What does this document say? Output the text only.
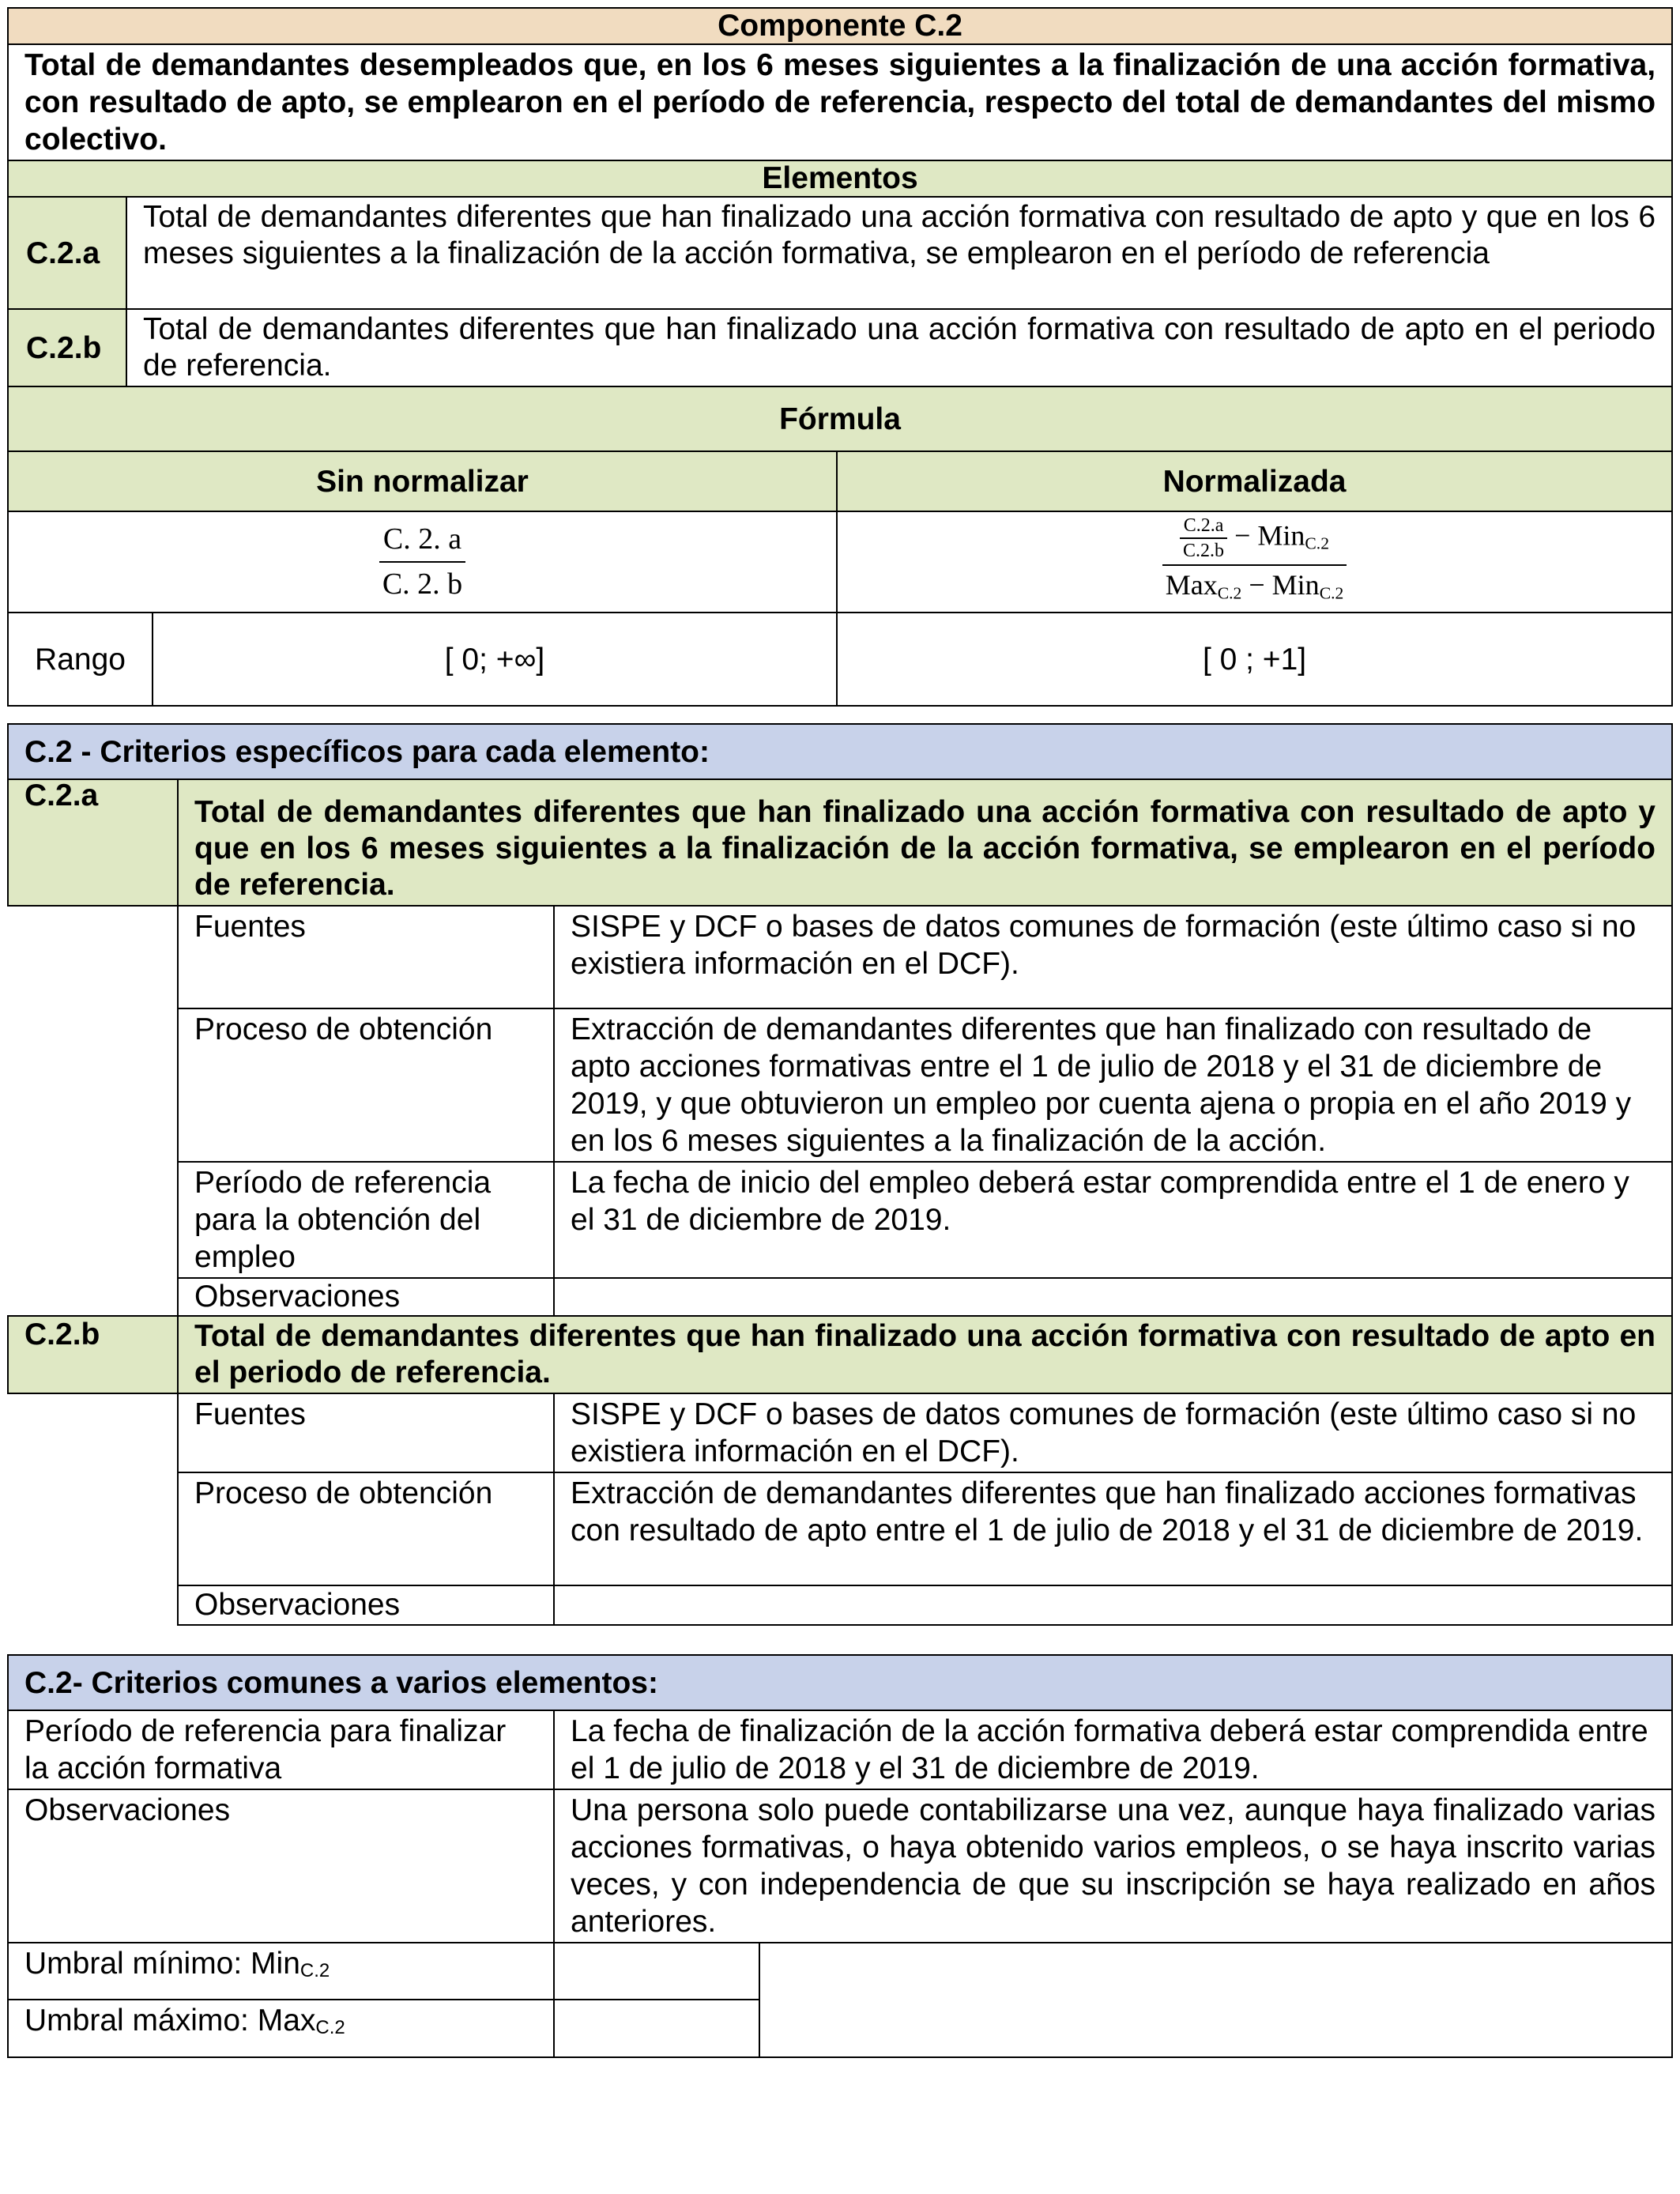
Componente C.2			
Total de demandantes desempleados que, en los 6 meses siguientes a la finalización de una acción formativa, con resultado de apto, se emplearon en el período de referencia, respecto del total de demandantes del mismo colectivo.			
Elementos			
C.2.a	Total de demandantes diferentes que han finalizado una acción formativa con resultado de apto y que en los 6 meses siguientes a la finalización de la acción formativa, se emplearon en el período de referencia		
C.2.b	Total de demandantes diferentes que han finalizado una acción formativa con resultado de apto en el periodo de referencia.		
Fórmula			
Sin normalizar			Normalizada

$\frac{C. 2. a}{C. 2. b}$			$\frac{\frac{C.2.a}{C.2.b} - Min_{C.2}}{Max_{C.2} - Min_{C.2}}$

Rango		[ 0; +∞]	[ 0 ; +1]
C.2 - Criterios específicos para cada elemento:		
C.2.a	Total de demandantes diferentes que han finalizado una acción formativa con resultado de apto y que en los 6 meses siguientes a la finalización de la acción formativa, se emplearon en el período de referencia.	
	Fuentes	SISPE y DCF o bases de datos comunes de formación (este último caso si no existiera información en el DCF).
	Proceso de obtención	Extracción de demandantes diferentes que han finalizado con resultado de apto acciones formativas entre el 1 de julio de 2018 y el 31 de diciembre de 2019, y que obtuvieron un empleo por cuenta ajena o propia en el año 2019 y en los 6 meses siguientes a la finalización de la acción.
	Período de referencia para la obtención del empleo	La fecha de inicio del empleo deberá estar comprendida entre el 1 de enero y el 31 de diciembre de 2019.
	Observaciones	
C.2.b	Total de demandantes diferentes que han finalizado una acción formativa con resultado de apto en el periodo de referencia.	
	Fuentes	SISPE y DCF o bases de datos comunes de formación (este último caso si no existiera información en el DCF).
	Proceso de obtención	Extracción de demandantes diferentes que han finalizado acciones formativas con resultado de apto entre el 1 de julio de 2018 y el 31 de diciembre de 2019.
	Observaciones	
C.2- Criterios comunes a varios elementos:		
Período de referencia para finalizar la acción formativa	La fecha de finalización de la acción formativa deberá estar comprendida entre el 1 de julio de 2018 y el 31 de diciembre de 2019.	
Observaciones	Una persona solo puede contabilizarse una vez, aunque haya finalizado varias acciones formativas, o haya obtenido varios empleos, o se haya inscrito varias veces, y con independencia de que su inscripción se haya realizado en años anteriores.	
Umbral mínimo: MinC.2		
Umbral máximo: MaxC.2		
